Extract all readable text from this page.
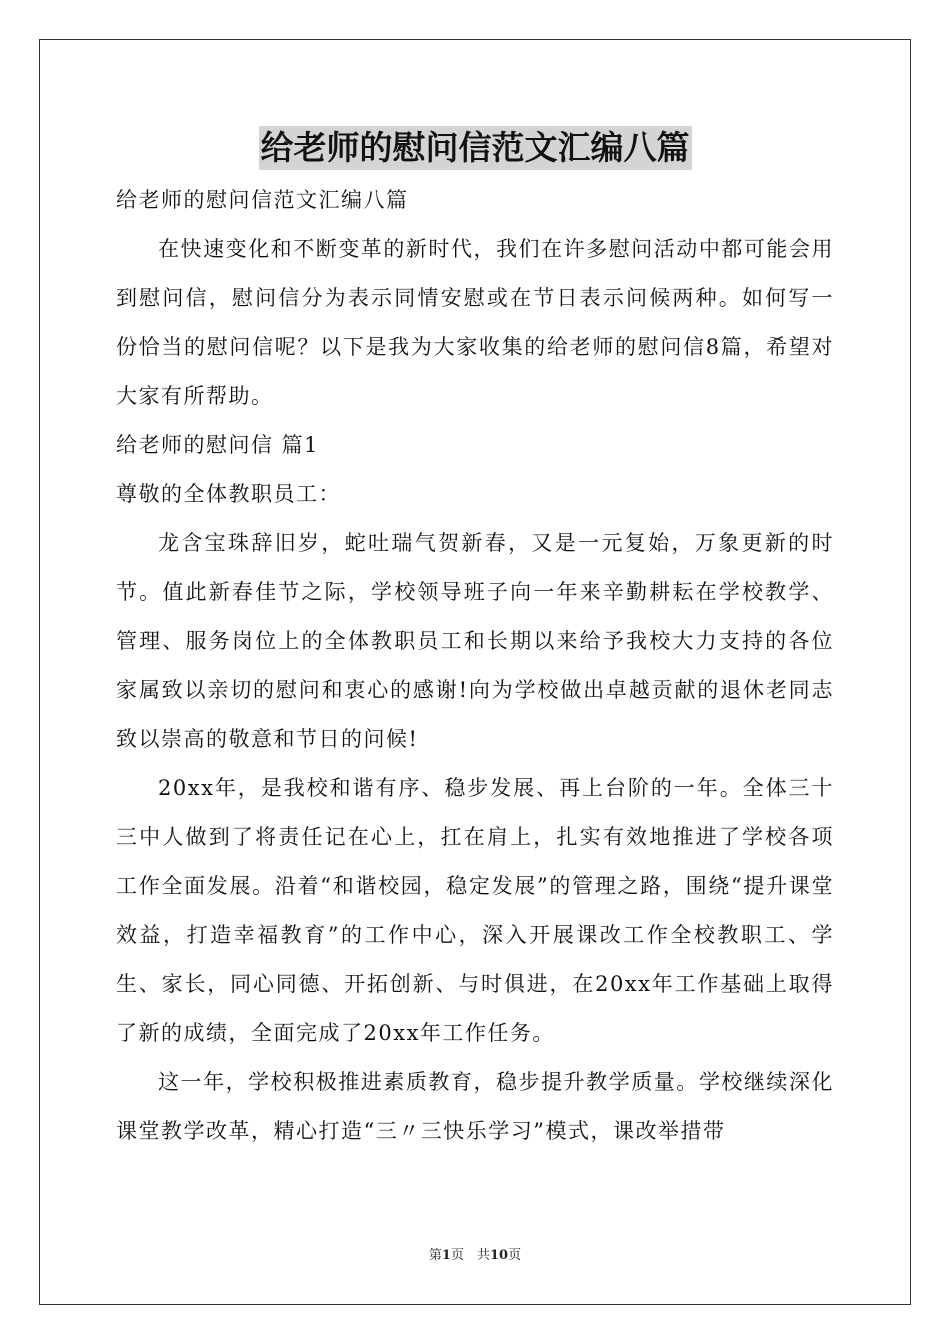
给老师的慰问信范文汇编八篇

给老师的慰问信范文汇编八篇

在快速变化和不断变革的新时代，我们在许多慰问活动中都可能会用到慰问信，慰问信分为表示同情安慰或在节日表示问候两种。如何写一份恰当的慰问信呢？以下是我为大家收集的给老师的慰问信8篇，希望对大家有所帮助。

给老师的慰问信 篇1

尊敬的全体教职员工：

龙含宝珠辞旧岁，蛇吐瑞气贺新春，又是一元复始，万象更新的时节。值此新春佳节之际，学校领导班子向一年来辛勤耕耘在学校教学、管理、服务岗位上的全体教职员工和长期以来给予我校大力支持的各位家属致以亲切的慰问和衷心的感谢!向为学校做出卓越贡献的退休老同志致以崇高的敬意和节日的问候!

20xx年，是我校和谐有序、稳步发展、再上台阶的一年。全体三十三中人做到了将责任记在心上，扛在肩上，扎实有效地推进了学校各项工作全面发展。沿着“和谐校园，稳定发展”的管理之路，围绕“提升课堂效益，打造幸福教育”的工作中心，深入开展课改工作全校教职工、学生、家长，同心同德、开拓创新、与时俱进，在20xx年工作基础上取得了新的成绩，全面完成了20xx年工作任务。

这一年，学校积极推进素质教育，稳步提升教学质量。学校继续深化课堂教学改革，精心打造“三〃三快乐学习”模式，课改举措带

第1页　共10页
